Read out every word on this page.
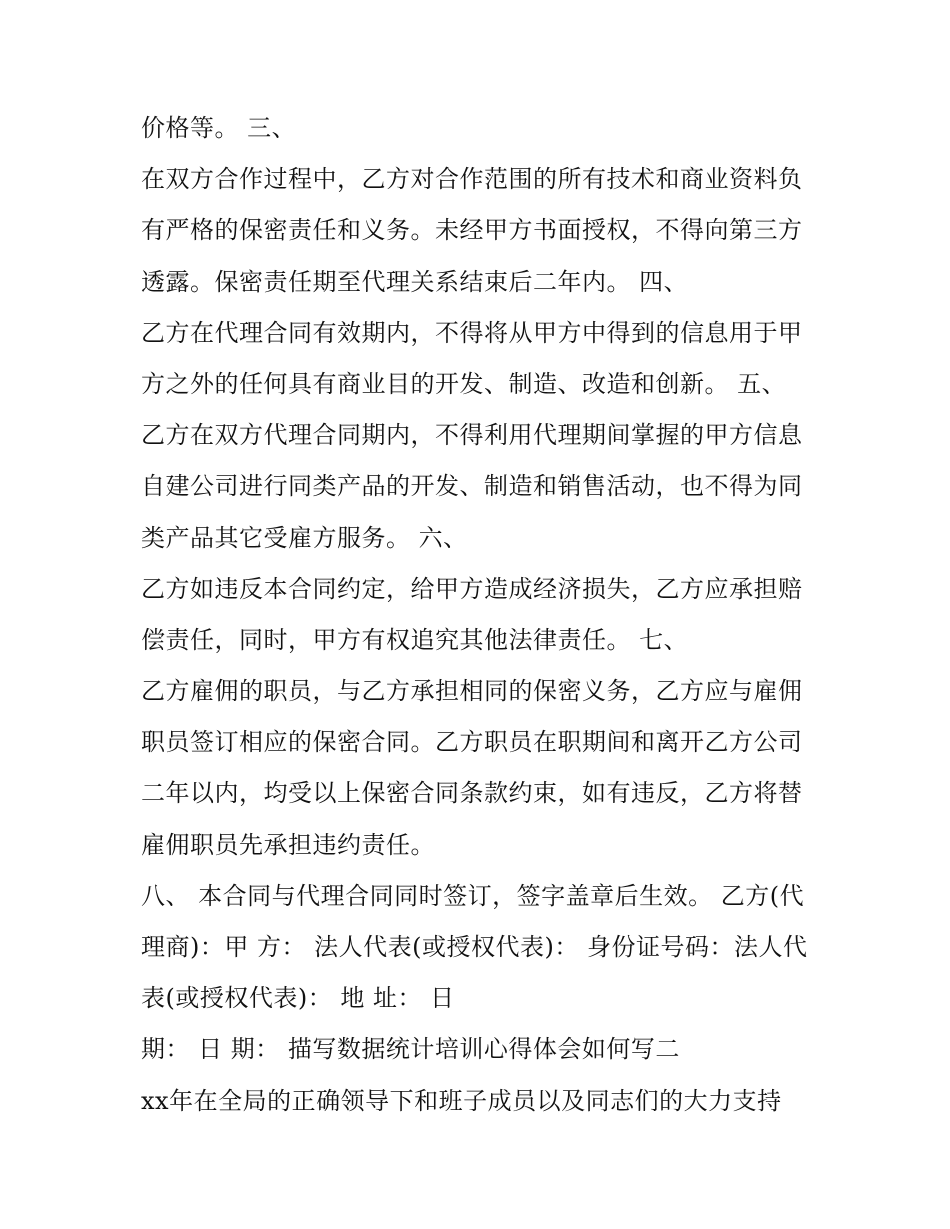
价格等。 三、
在双方合作过程中，乙方对合作范围的所有技术和商业资料负
有严格的保密责任和义务。未经甲方书面授权，不得向第三方
透露。保密责任期至代理关系结束后二年内。 四、
乙方在代理合同有效期内，不得将从甲方中得到的信息用于甲
方之外的任何具有商业目的开发、制造、改造和创新。 五、
乙方在双方代理合同期内，不得利用代理期间掌握的甲方信息
自建公司进行同类产品的开发、制造和销售活动，也不得为同
类产品其它受雇方服务。 六、
乙方如违反本合同约定，给甲方造成经济损失，乙方应承担赔
偿责任，同时，甲方有权追究其他法律责任。 七、
乙方雇佣的职员，与乙方承担相同的保密义务，乙方应与雇佣
职员签订相应的保密合同。乙方职员在职期间和离开乙方公司
二年以内，均受以上保密合同条款约束，如有违反，乙方将替
雇佣职员先承担违约责任。
八、 本合同与代理合同同时签订，签字盖章后生效。 乙方(代
理商)：甲 方： 法人代表(或授权代表)： 身份证号码：法人代
表(或授权代表)： 地 址： 日
期： 日 期： 描写数据统计培训心得体会如何写二
xx年在全局的正确领导下和班子成员以及同志们的大力支持
